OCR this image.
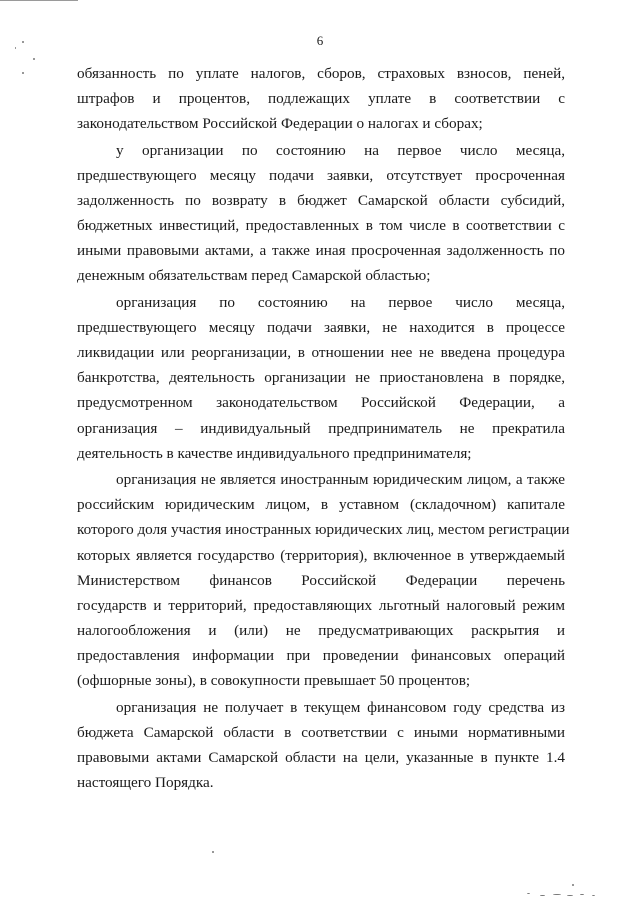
6
обязанность по уплате налогов, сборов, страховых взносов, пеней,
штрафов и процентов, подлежащих уплате в соответствии с
законодательством Российской Федерации о налогах и сборах;
у организации по состоянию на первое число месяца,
предшествующего месяцу подачи заявки, отсутствует просроченная
задолженность по возврату в бюджет Самарской области субсидий,
бюджетных инвестиций, предоставленных в том числе в соответствии с
иными правовыми актами, а также иная просроченная задолженность по
денежным обязательствам перед Самарской областью;
организация по состоянию на первое число месяца,
предшествующего месяцу подачи заявки, не находится в процессе
ликвидации или реорганизации, в отношении нее не введена процедура
банкротства, деятельность организации не приостановлена в порядке,
предусмотренном законодательством Российской Федерации, а
организация – индивидуальный предприниматель не прекратила
деятельность в качестве индивидуального предпринимателя;
организация не является иностранным юридическим лицом, а также
российским юридическим лицом, в уставном (складочном) капитале
которого доля участия иностранных юридических лиц, местом регистрации
которых является государство (территория), включенное в утверждаемый
Министерством финансов Российской Федерации перечень
государств и территорий, предоставляющих льготный налоговый режим
налогообложения и (или) не предусматривающих раскрытия и
предоставления информации при проведении финансовых операций
(офшорные зоны), в совокупности превышает 50 процентов;
организация не получает в текущем финансовом году средства из
бюджета Самарской области в соответствии с иными нормативными
правовыми актами Самарской области на цели, указанные в пункте 1.4
настоящего Порядка.
